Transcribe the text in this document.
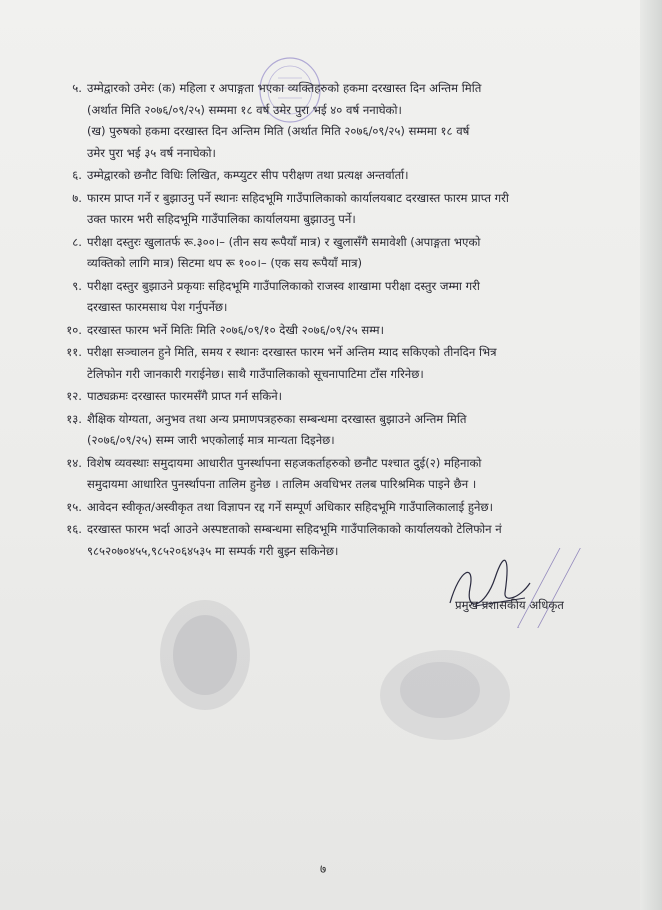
५. उम्मेद्वारको उमेरः (क) महिला र अपाङ्गता भएका व्यक्तिहरुको हकमा दरखास्त दिन अन्तिम मिति
(अर्थात मिति २०७६/०९/२५) सम्ममा १८ वर्ष उमेर पुरा भई ४० वर्ष ननाघेको।
(ख) पुरुषको हकमा दरखास्त दिन अन्तिम मिति (अर्थात मिति २०७६/०९/२५) सम्ममा १८ वर्ष
उमेर पुरा भई ३५ वर्ष ननाघेको।
६. उम्मेद्वारको छनौट विधिः लिखित, कम्प्युटर सीप परीक्षण तथा प्रत्यक्ष अन्तर्वार्ता।
७. फारम प्राप्त गर्ने र बुझाउनु पर्ने स्थानः सहिदभूमि गाउँपालिकाको कार्यालयबाट दरखास्त फारम प्राप्त गरी
उक्त फारम भरी सहिदभूमि गाउँपालिका कार्यालयमा बुझाउनु पर्ने।
८. परीक्षा दस्तुरः खुलातर्फ रू.३००।– (तीन सय रूपैयाँ मात्र) र खुलासँगै समावेशी (अपाङ्गता भएको
व्यक्तिको लागि मात्र) सिटमा थप रू १००।– (एक सय रूपैयाँ मात्र)
९. परीक्षा दस्तुर बुझाउने प्रकृयाः सहिदभूमि गाउँपालिकाको राजस्व शाखामा परीक्षा दस्तुर जम्मा गरी
दरखास्त फारमसाथ पेश गर्नुपर्नेछ।
१०. दरखास्त फारम भर्ने मितिः मिति २०७६/०९/१० देखी २०७६/०९/२५ सम्म।
११. परीक्षा सञ्चालन हुने मिति, समय र स्थानः दरखास्त फारम भर्ने अन्तिम म्याद सकिएको तीनदिन भित्र
टेलिफोन गरी जानकारी गराईनेछ। साथै गाउँपालिकाको सूचनापाटिमा टाँस गरिनेछ।
१२. पाठ्यक्रमः दरखास्त फारमसँगै प्राप्त गर्न सकिने।
१३. शैक्षिक योग्यता, अनुभव तथा अन्य प्रमाणपत्रहरुका सम्बन्धमा दरखास्त बुझाउने अन्तिम मिति
(२०७६/०९/२५) सम्म जारी भएकोलाई मात्र मान्यता दिइनेछ।
१४. विशेष व्यवस्थाः समुदायमा आधारीत पुनर्स्थापना सहजकर्ताहरुको छनौट पश्चात दुई(२) महिनाको
समुदायमा आधारित पुनर्स्थापना तालिम हुनेछ । तालिम अवधिभर तलब पारिश्रमिक पाइने छैन ।
१५. आवेदन स्वीकृत/अस्वीकृत तथा विज्ञापन रद्द गर्ने सम्पूर्ण अधिकार सहिदभूमि गाउँपालिकालाई हुनेछ।
१६. दरखास्त फारम भर्दा आउने अस्पष्टताको सम्बन्धमा सहिदभूमि गाउँपालिकाको कार्यालयको टेलिफोन नं
९८५२०७०४५५,९८५२०६४५३५ मा सम्पर्क गरी बुझ्न सकिनेछ।
प्रमुख प्रशासकीय अधिकृत
७
